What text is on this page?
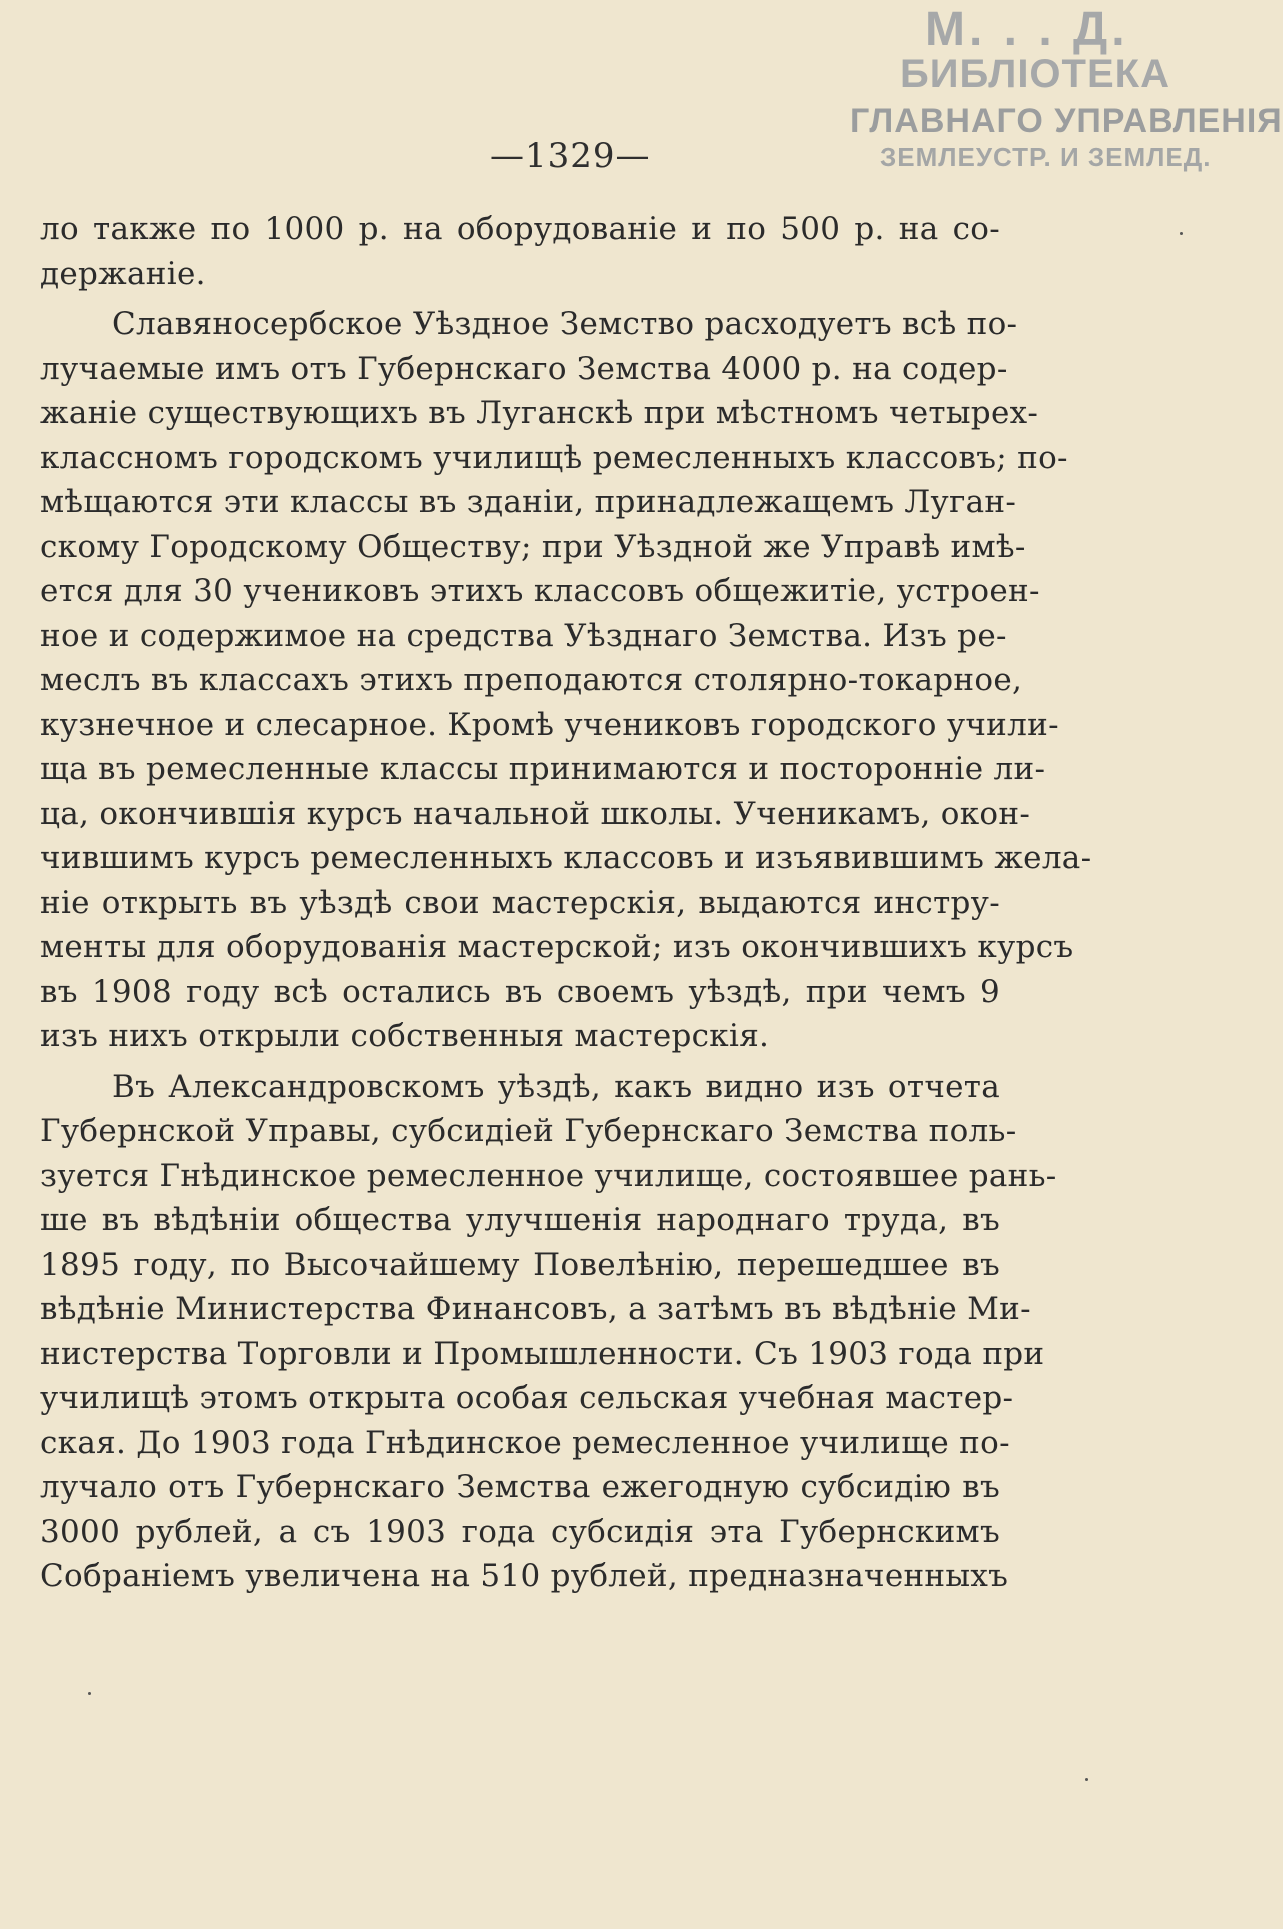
М. . . Д.
БИБЛІОТЕКА
ГЛАВНАГО УПРАВЛЕНІЯ
ЗЕМЛЕУСТР. И ЗЕМЛЕД.
—1329—
ло также по 1000 р. на оборудованіе и по 500 р. на со-
держаніе.
Славяносербское Уѣздное Земство расходуетъ всѣ по-
лучаемые имъ отъ Губернскаго Земства 4000 р. на содер-
жаніе существующихъ въ Луганскѣ при мѣстномъ четырех-
классномъ городскомъ училищѣ ремесленныхъ классовъ; по-
мѣщаются эти классы въ зданіи, принадлежащемъ Луган-
скому Городскому Обществу; при Уѣздной же Управѣ имѣ-
ется для 30 учениковъ этихъ классовъ общежитіе, устроен-
ное и содержимое на средства Уѣзднаго Земства. Изъ ре-
меслъ въ классахъ этихъ преподаются столярно-токарное,
кузнечное и слесарное. Кромѣ учениковъ городского учили-
ща въ ремесленные классы принимаются и посторонніе ли-
ца, окончившія курсъ начальной школы. Ученикамъ, окон-
чившимъ курсъ ремесленныхъ классовъ и изъявившимъ жела-
ніе открыть въ уѣздѣ свои мастерскія, выдаются инстру-
менты для оборудованія мастерской; изъ окончившихъ курсъ
въ 1908 году всѣ остались въ своемъ уѣздѣ, при чемъ 9
изъ нихъ открыли собственныя мастерскія.
Въ Александровскомъ уѣздѣ, какъ видно изъ отчета
Губернской Управы, субсидіей Губернскаго Земства поль-
зуется Гнѣдинское ремесленное училище, состоявшее рань-
ше въ вѣдѣніи общества улучшенія народнаго труда, въ
1895 году, по Высочайшему Повелѣнію, перешедшее въ
вѣдѣніе Министерства Финансовъ, а затѣмъ въ вѣдѣніе Ми-
нистерства Торговли и Промышленности. Съ 1903 года при
училищѣ этомъ открыта особая сельская учебная мастер-
ская. До 1903 года Гнѣдинское ремесленное училище по-
лучало отъ Губернскаго Земства ежегодную субсидію въ
3000 рублей, а съ 1903 года субсидія эта Губернскимъ
Собраніемъ увеличена на 510 рублей, предназначенныхъ
